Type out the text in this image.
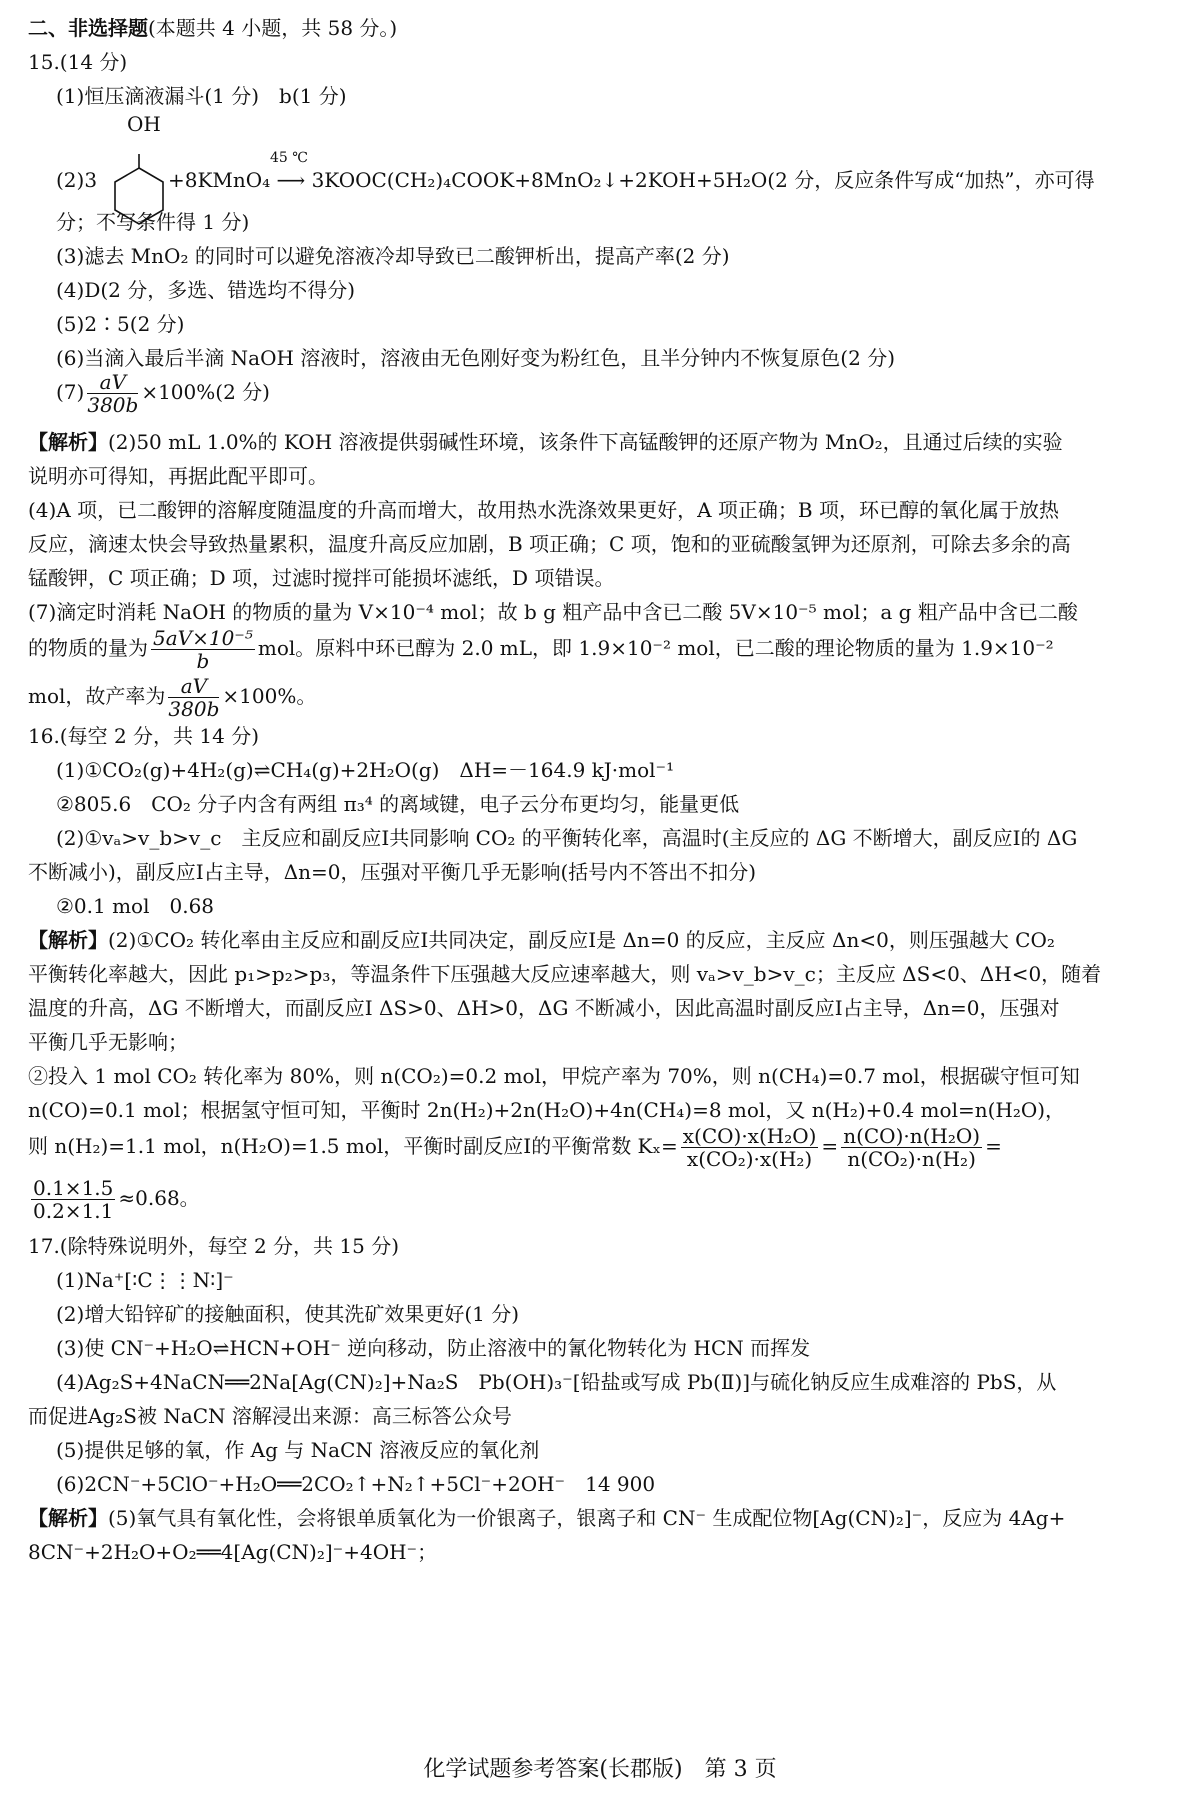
二、非选择题(本题共 4 小题，共 58 分。)
15.(14 分)
(1)恒压滴液漏斗(1 分)　b(1 分)
OH
(2)3
45 ℃
+8KMnO₄ ⟶ 3KOOC(CH₂)₄COOK+8MnO₂↓+2KOH+5H₂O(2 分，反应条件写成“加热”，亦可得
分；不写条件得 1 分)
(3)滤去 MnO₂ 的同时可以避免溶液冷却导致已二酸钾析出，提高产率(2 分)
(4)D(2 分，多选、错选均不得分)
(5)2∶5(2 分)
(6)当滴入最后半滴 NaOH 溶液时，溶液由无色刚好变为粉红色，且半分钟内不恢复原色(2 分)
$(7) \frac{aV}{380b} \times 100\%(2$ 分)
【解析】(2)50 mL 1.0%的 KOH 溶液提供弱碱性环境，该条件下高锰酸钾的还原产物为 MnO₂，且通过后续的实验
说明亦可得知，再据此配平即可。
(4)A 项，已二酸钾的溶解度随温度的升高而增大，故用热水洗涤效果更好，A 项正确；B 项，环已醇的氧化属于放热
反应，滴速太快会导致热量累积，温度升高反应加剧，B 项正确；C 项，饱和的亚硫酸氢钾为还原剂，可除去多余的高
锰酸钾，C 项正确；D 项，过滤时搅拌可能损坏滤纸，D 项错误。
(7)滴定时消耗 NaOH 的物质的量为 V×10⁻⁴ mol；故 b g 粗产品中含已二酸 5V×10⁻⁵ mol；a g 粗产品中含已二酸
的物质的量为 $\frac{\text{5aV×10⁻⁵}}{b}$ mol。原料中环已醇为 2.0 mL，即 1.9×10⁻² mol，已二酸的理论物质的量为 1.9×10⁻²
mol，故产率为 $\frac{aV}{380b} \times 100\%$。
16.(每空 2 分，共 14 分)
(1)①CO₂(g)+4H₂(g)⇌CH₄(g)+2H₂O(g)　ΔH=－164.9 kJ·mol⁻¹
②805.6　CO₂ 分子内含有两组 π₃⁴ 的离域键，电子云分布更均匀，能量更低
(2)①vₐ>v_b>v_c　主反应和副反应Ⅰ共同影响 CO₂ 的平衡转化率，高温时(主反应的 ΔG 不断增大，副反应Ⅰ的 ΔG
不断减小)，副反应Ⅰ占主导，Δn=0，压强对平衡几乎无影响(括号内不答出不扣分)
②0.1 mol　0.68
【解析】(2)①CO₂ 转化率由主反应和副反应Ⅰ共同决定，副反应Ⅰ是 Δn=0 的反应，主反应 Δn<0，则压强越大 CO₂
平衡转化率越大，因此 p₁>p₂>p₃，等温条件下压强越大反应速率越大，则 vₐ>v_b>v_c；主反应 ΔS<0、ΔH<0，随着
温度的升高，ΔG 不断增大，而副反应Ⅰ ΔS>0、ΔH>0，ΔG 不断减小，因此高温时副反应Ⅰ占主导，Δn=0，压强对
平衡几乎无影响；
②投入 1 mol CO₂ 转化率为 80%，则 n(CO₂)=0.2 mol，甲烷产率为 70%，则 n(CH₄)=0.7 mol，根据碳守恒可知
n(CO)=0.1 mol；根据氢守恒可知，平衡时 2n(H₂)+2n(H₂O)+4n(CH₄)=8 mol，又 n(H₂)+0.4 mol=n(H₂O)，
则 n(H₂)=1.1 mol，n(H₂O)=1.5 mol，平衡时副反应Ⅰ的平衡常数 $K_x= \frac{\text{x(CO)·x(H₂O)}}{\text{x(CO₂)·x(H₂)}} = \frac{\text{n(CO)·n(H₂O)}}{\text{n(CO₂)·n(H₂)}}$ =
$\frac{0.1\times 1.5}{0.2\times 1.1} \approx 0.68$。
17.(除特殊说明外，每空 2 分，共 15 分)
(1)Na⁺[∶C⋮⋮N∶]⁻
(2)增大铅锌矿的接触面积，使其洗矿效果更好(1 分)
(3)使 CN⁻+H₂O⇌HCN+OH⁻ 逆向移动，防止溶液中的氰化物转化为 HCN 而挥发
(4)Ag₂S+4NaCN══2Na[Ag(CN)₂]+Na₂S　Pb(OH)₃⁻[铅盐或写成 Pb(Ⅱ)]与硫化钠反应生成难溶的 PbS，从
而促进Ag₂S被 NaCN 溶解浸出来源：高三标答公众号
(5)提供足够的氧，作 Ag 与 NaCN 溶液反应的氧化剂
(6)2CN⁻+5ClO⁻+H₂O══2CO₂↑+N₂↑+5Cl⁻+2OH⁻　14 900
【解析】(5)氧气具有氧化性，会将银单质氧化为一价银离子，银离子和 CN⁻ 生成配位物[Ag(CN)₂]⁻，反应为 4Ag+
8CN⁻+2H₂O+O₂══4[Ag(CN)₂]⁻+4OH⁻；
化学试题参考答案(长郡版)　第 3 页
